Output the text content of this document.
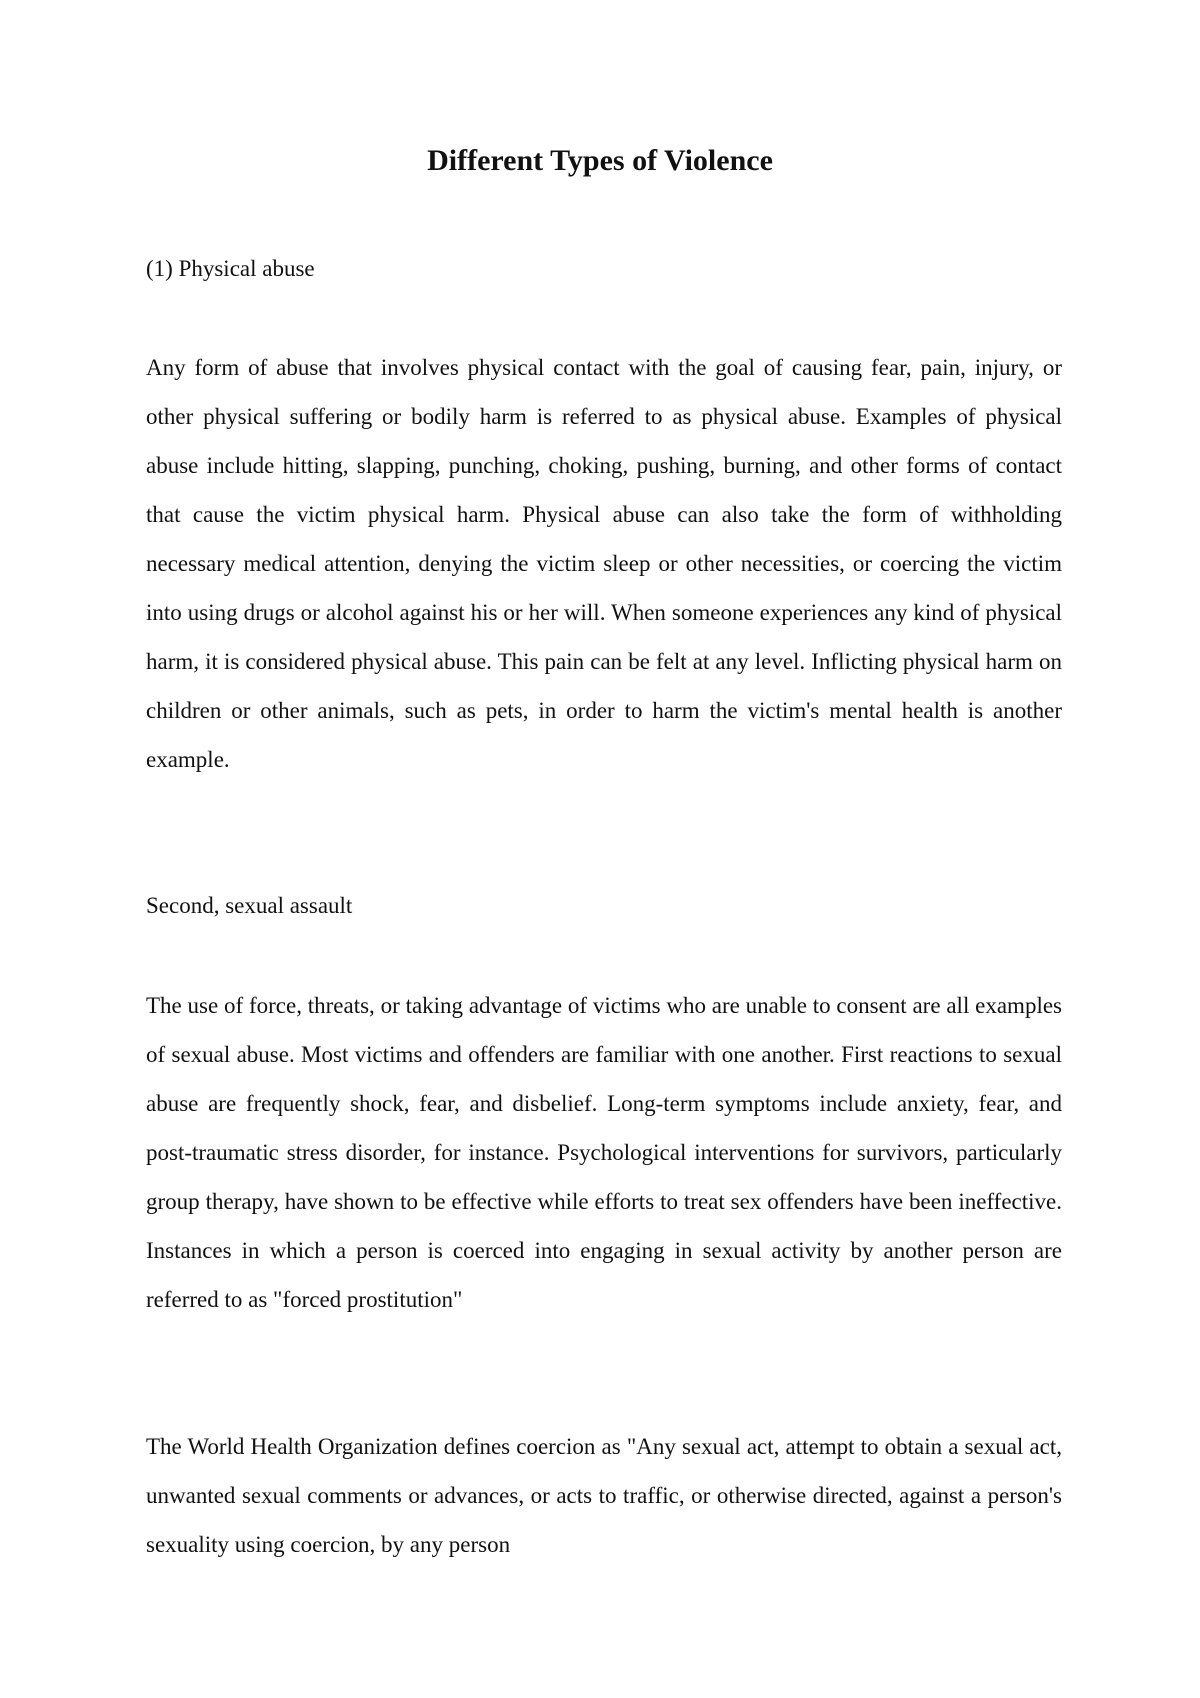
Different Types of Violence
(1) Physical abuse

Any form of abuse that involves physical contact with the goal of causing fear, pain, injury, or other physical suffering or bodily harm is referred to as physical abuse. Examples of physical abuse include hitting, slapping, punching, choking, pushing, burning, and other forms of contact that cause the victim physical harm. Physical abuse can also take the form of withholding necessary medical attention, denying the victim sleep or other necessities, or coercing the victim into using drugs or alcohol against his or her will. When someone experiences any kind of physical harm, it is considered physical abuse. This pain can be felt at any level. Inflicting physical harm on children or other animals, such as pets, in order to harm the victim's mental health is another example.

Second, sexual assault

The use of force, threats, or taking advantage of victims who are unable to consent are all examples of sexual abuse. Most victims and offenders are familiar with one another. First reactions to sexual abuse are frequently shock, fear, and disbelief. Long-term symptoms include anxiety, fear, and post-traumatic stress disorder, for instance. Psychological interventions for survivors, particularly group therapy, have shown to be effective while efforts to treat sex offenders have been ineffective. Instances in which a person is coerced into engaging in sexual activity by another person are referred to as "forced prostitution"

The World Health Organization defines coercion as "Any sexual act, attempt to obtain a sexual act, unwanted sexual comments or advances, or acts to traffic, or otherwise directed, against a person's sexuality using coercion, by any person
